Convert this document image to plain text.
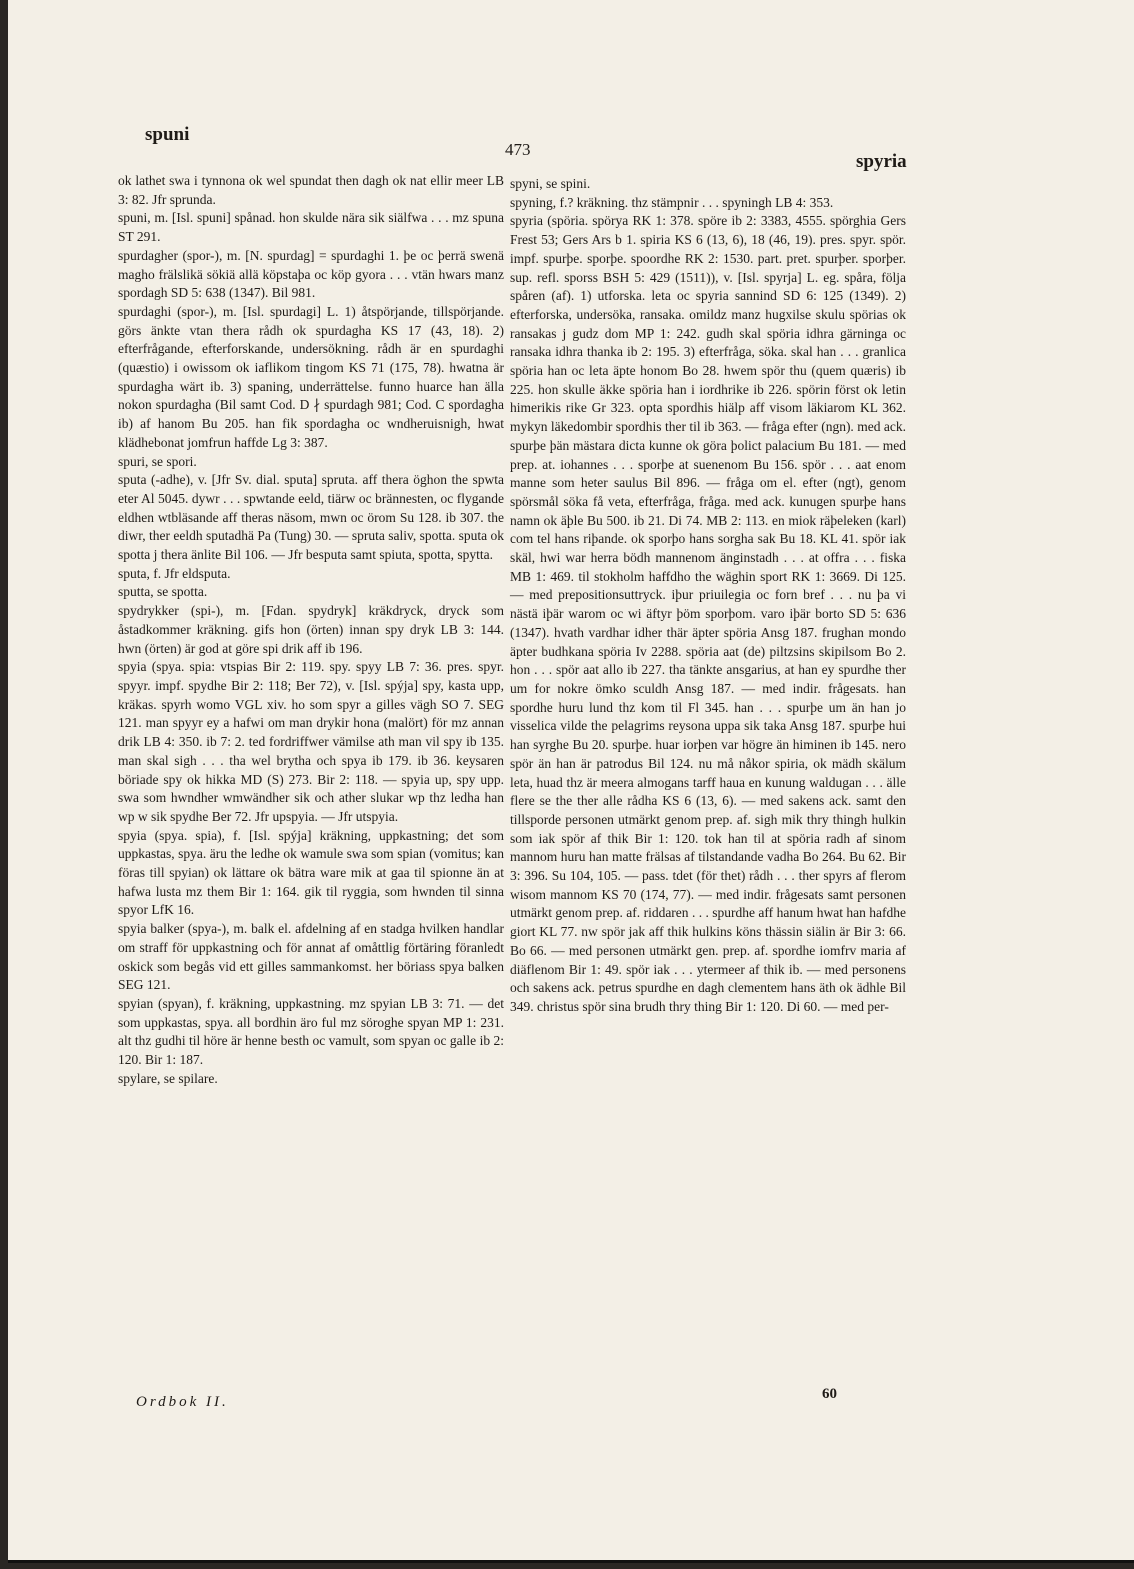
spuni
473
spyria

ok lathet swa i tynnona ok wel spundat then dagh ok nat ellir meer LB 3: 82. Jfr sprunda.

spuni, m. [Isl. spuni] spånad. hon skulde nära sik siälfwa . . . mz spuna ST 291.

spurdagher (spor-), m. [N. spurdag] = spurdaghi 1. þe oc þerrä swenä magho frälslikä sökiä allä köpstaþa oc köp gyora . . . vtän hwars manz spordagh SD 5: 638 (1347). Bil 981.

spurdaghi (spor-), m. [Isl. spurdagi] L. 1) åtspörjande, tillspörjande. görs änkte vtan thera rådh ok spurdagha KS 17 (43, 18). 2) efterfrågande, efterforskande, undersökning. rådh är en spurdaghi (quæstio) i owissom ok iaflikom tingom KS 71 (175, 78). hwatna är spurdagha wärt ib. 3) spaning, underrättelse. funno huarce han älla nokon spurdagha (Bil samt Cod. D ∤ spurdagh 981; Cod. C spordagha ib) af hanom Bu 205. han fik spordagha oc wndheruisnigh, hwat klädhebonat jomfrun haffde Lg 3: 387.

spuri, se spori.

sputa (-adhe), v. [Jfr Sv. dial. sputa] spruta. aff thera öghon the spwta eter Al 5045. dywr . . . spwtande eeld, tiärw oc brännesten, oc flygande eldhen wtbläsande aff theras näsom, mwn oc örom Su 128. ib 307. the diwr, ther eeldh sputadhä Pa (Tung) 30. — spruta saliv, spotta. sputa ok spotta j thera änlite Bil 106. — Jfr besputa samt spiuta, spotta, spytta.

sputa, f. Jfr eldsputa.

sputta, se spotta.

spydrykker (spi-), m. [Fdan. spydryk] kräkdryck, dryck som åstadkommer kräkning. gifs hon (örten) innan spy dryk LB 3: 144. hwn (örten) är god at göre spi drik aff ib 196.

spyia (spya. spia: vtspias Bir 2: 119. spy. spyy LB 7: 36. pres. spyr. spyyr. impf. spydhe Bir 2: 118; Ber 72), v. [Isl. spýja] spy, kasta upp, kräkas. spyrh womo VGL xiv. ho som spyr a gilles vägh SO 7. SEG 121. man spyyr ey a hafwi om man drykir hona (malört) för mz annan drik LB 4: 350. ib 7: 2. ted fordriffwer vämilse ath man vil spy ib 135. man skal sigh . . . tha wel brytha och spya ib 179. ib 36. keysaren böriade spy ok hikka MD (S) 273. Bir 2: 118. — spyia up, spy upp. swa som hwndher wmwändher sik och ather slukar wp thz ledha han wp w sik spydhe Ber 72. Jfr upspyia. — Jfr utspyia.

spyia (spya. spia), f. [Isl. spýja] kräkning, uppkastning; det som uppkastas, spya. äru the ledhe ok wamule swa som spian (vomitus; kan föras till spyian) ok lättare ok bätra ware mik at gaa til spionne än at hafwa lusta mz them Bir 1: 164. gik til ryggia, som hwnden til sinna spyor LfK 16.

spyia balker (spya-), m. balk el. afdelning af en stadga hvilken handlar om straff för uppkastning och för annat af omåttlig förtäring föranledt oskick som begås vid ett gilles sammankomst. her böriass spya balken SEG 121.

spyian (spyan), f. kräkning, uppkastning. mz spyian LB 3: 71. — det som uppkastas, spya. all bordhin äro ful mz söroghe spyan MP 1: 231. alt thz gudhi til höre är henne besth oc vamult, som spyan oc galle ib 2: 120. Bir 1: 187.

spylare, se spilare.

spyni, se spini.

spyning, f.? kräkning. thz stämpnir . . . spyningh LB 4: 353.

spyria (spöria. spörya RK 1: 378. spöre ib 2: 3383, 4555. spörghia Gers Frest 53; Gers Ars b 1. spiria KS 6 (13, 6), 18 (46, 19). pres. spyr. spör. impf. spurþe. sporþe. spoordhe RK 2: 1530. part. pret. spurþer. sporþer. sup. refl. sporss BSH 5: 429 (1511)), v. [Isl. spyrja] L. eg. spåra, följa spåren (af). 1) utforska. leta oc spyria sannind SD 6: 125 (1349). 2) efterforska, undersöka, ransaka. omildz manz hugxilse skulu spörias ok ransakas j gudz dom MP 1: 242. gudh skal spöria idhra gärninga oc ransaka idhra thanka ib 2: 195. 3) efterfråga, söka. skal han . . . granlica spöria han oc leta äpte honom Bo 28. hwem spör thu (quem quæris) ib 225. hon skulle äkke spöria han i iordhrike ib 226. spörin först ok letin himerikis rike Gr 323. opta spordhis hiälp aff visom läkiarom KL 362. mykyn läkedombir spordhis ther til ib 363. — fråga efter (ngn). med ack. spurþe þän mästara dicta kunne ok göra þolict palacium Bu 181. — med prep. at. iohannes . . . sporþe at suenenom Bu 156. spör . . . aat enom manne som heter saulus Bil 896. — fråga om el. efter (ngt), genom spörsmål söka få veta, efterfråga, fråga. med ack. kunugen spurþe hans namn ok äþle Bu 500. ib 21. Di 74. MB 2: 113. en miok räþeleken (karl) com tel hans riþande. ok sporþo hans sorgha sak Bu 18. KL 41. spör iak skäl, hwi war herra bödh mannenom änginstadh . . . at offra . . . fiska MB 1: 469. til stokholm haffdho the wäghin sport RK 1: 3669. Di 125. — med prepositionsuttryck. iþur priuilegia oc forn bref . . . nu þa vi nästä iþär warom oc wi äftyr þöm sporþom. varo iþär borto SD 5: 636 (1347). hvath vardhar idher thär äpter spöria Ansg 187. frughan mondo äpter budhkana spöria Iv 2288. spöria aat (de) piltzsins skipilsom Bo 2. hon . . . spör aat allo ib 227. tha tänkte ansgarius, at han ey spurdhe ther um for nokre ömko sculdh Ansg 187. — med indir. frågesats. han spordhe huru lund thz kom til Fl 345. han . . . spurþe um än han jo visselica vilde the pelagrims reysona uppa sik taka Ansg 187. spurþe hui han syrghe Bu 20. spurþe. huar iorþen var högre än himinen ib 145. nero spör än han är patrodus Bil 124. nu må nåkor spiria, ok mädh skälum leta, huad thz är meera almogans tarff haua en kunung waldugan . . . älle flere se the ther alle rådha KS 6 (13, 6). — med sakens ack. samt den tillsporde personen utmärkt genom prep. af. sigh mik thry thingh hulkin som iak spör af thik Bir 1: 120. tok han til at spöria radh af sinom mannom huru han matte frälsas af tilstandande vadha Bo 264. Bu 62. Bir 3: 396. Su 104, 105. — pass. tdet (för thet) rådh . . . ther spyrs af flerom wisom mannom KS 70 (174, 77). — med indir. frågesats samt personen utmärkt genom prep. af. riddaren . . . spurdhe aff hanum hwat han hafdhe giort KL 77. nw spör jak aff thik hulkins köns thässin siälin är Bir 3: 66. Bo 66. — med personen utmärkt gen. prep. af. spordhe iomfrv maria af diäflenom Bir 1: 49. spör iak . . . ytermeer af thik ib. — med personens och sakens ack. petrus spurdhe en dagh clementem hans äth ok ädhle Bil 349. christus spör sina brudh thry thing Bir 1: 120. Di 60. — med per-

Ordbok II.	60
